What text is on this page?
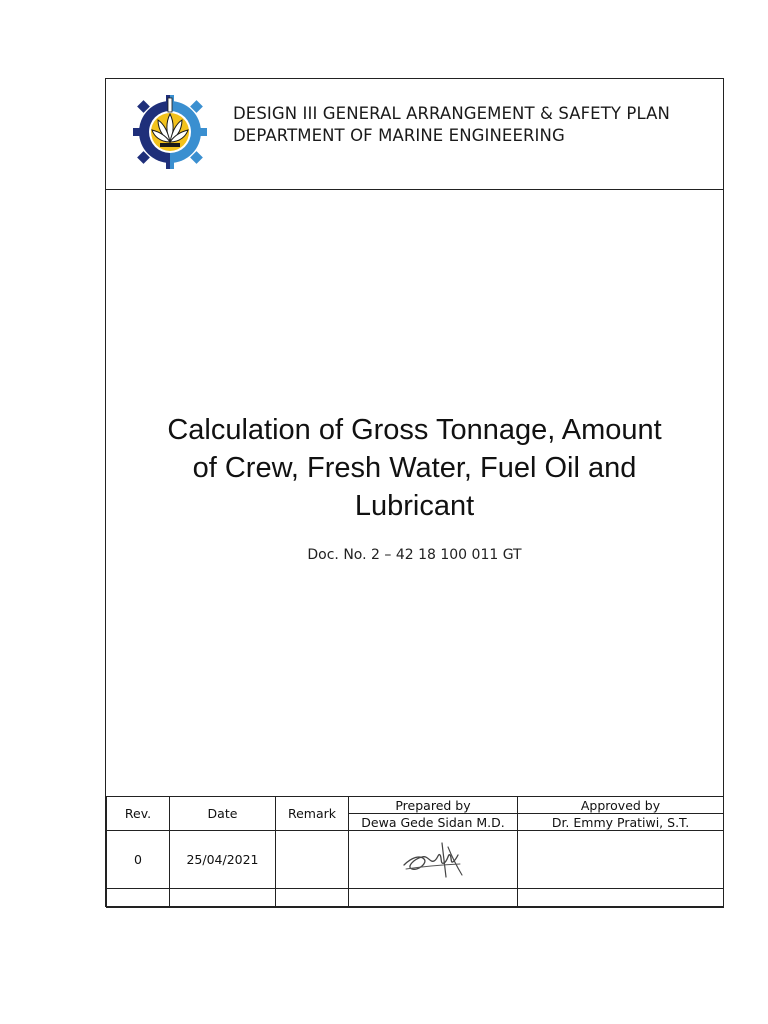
DESIGN III GENERAL ARRANGEMENT & SAFETY PLAN
DEPARTMENT OF MARINE ENGINEERING
Calculation of Gross Tonnage, Amount
of Crew, Fresh Water, Fuel Oil and
Lubricant
Doc. No. 2 – 42 18 100 011 GT
Rev.	Date	Remark	Prepared by	Approved by
			Dewa Gede Sidan M.D.	Dr. Emmy Pratiwi, S.T.
0	25/04/2021			
